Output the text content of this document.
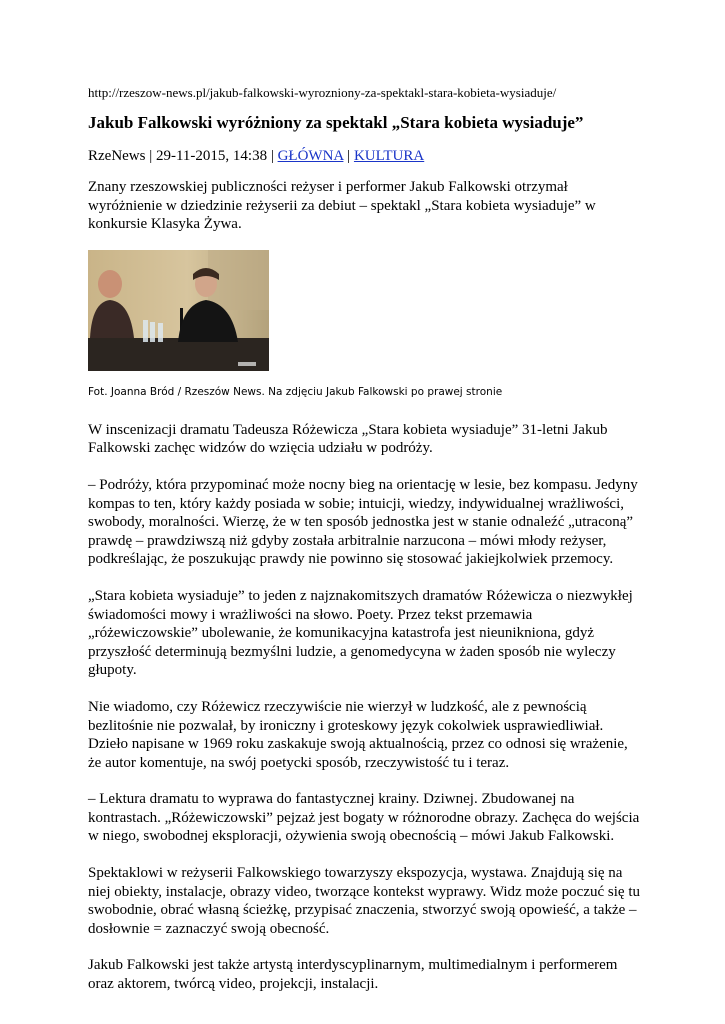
http://rzeszow-news.pl/jakub-falkowski-wyrozniony-za-spektakl-stara-kobieta-wysiaduje/

Jakub Falkowski wyróżniony za spektakl „Stara kobieta wysiaduje”

RzeNews | 29-11-2015, 14:38 | GŁÓWNA | KULTURA

Znany rzeszowskiej publiczności reżyser i performer Jakub Falkowski otrzymał wyróżnienie w dziedzinie reżyserii za debiut – spektakl „Stara kobieta wysiaduje” w konkursie Klasyka Żywa.

Fot. Joanna Bród / Rzeszów News. Na zdjęciu Jakub Falkowski po prawej stronie

W inscenizacji dramatu Tadeusza Różewicza „Stara kobieta wysiaduje” 31-letni Jakub Falkowski zachęc widzów do wzięcia udziału w podróży.

– Podróży, która przypominać może nocny bieg na orientację w lesie, bez kompasu. Jedyny kompas to ten, który każdy posiada w sobie; intuicji, wiedzy, indywidualnej wrażliwości, swobody, moralności. Wierzę, że w ten sposób jednostka jest w stanie odnaleźć „utraconą” prawdę – prawdziwszą niż gdyby została arbitralnie narzucona – mówi młody reżyser, podkreślając, że poszukując prawdy nie powinno się stosować jakiejkolwiek przemocy.

„Stara kobieta wysiaduje” to jeden z najznakomitszych dramatów Różewicza o niezwykłej świadomości mowy i wrażliwości na słowo. Poety. Przez tekst przemawia „różewiczowskie” ubolewanie, że komunikacyjna katastrofa jest nieunikniona, gdyż przyszłość determinują bezmyślni ludzie, a genomedycyna w żaden sposób nie wyleczy głupoty.

Nie wiadomo, czy Różewicz rzeczywiście nie wierzył w ludzkość, ale z pewnością bezlitośnie nie pozwalał, by ironiczny i groteskowy język cokolwiek usprawiedliwiał. Dzieło napisane w 1969 roku zaskakuje swoją aktualnością, przez co odnosi się wrażenie, że autor komentuje, na swój poetycki sposób, rzeczywistość tu i teraz.

– Lektura dramatu to wyprawa do fantastycznej krainy. Dziwnej. Zbudowanej na kontrastach. „Różewiczowski” pejzaż jest bogaty w różnorodne obrazy. Zachęca do wejścia w niego, swobodnej eksploracji, ożywienia swoją obecnością – mówi Jakub Falkowski.

Spektaklowi w reżyserii Falkowskiego towarzyszy ekspozycja, wystawa. Znajdują się na niej obiekty, instalacje, obrazy video, tworzące kontekst wyprawy. Widz może poczuć się tu swobodnie, obrać własną ścieżkę, przypisać znaczenia, stworzyć swoją opowieść, a także – dosłownie = zaznaczyć swoją obecność.

Jakub Falkowski jest także artystą interdyscyplinarnym, multimedialnym i performerem oraz aktorem, twórcą video, projekcji, instalacji.
